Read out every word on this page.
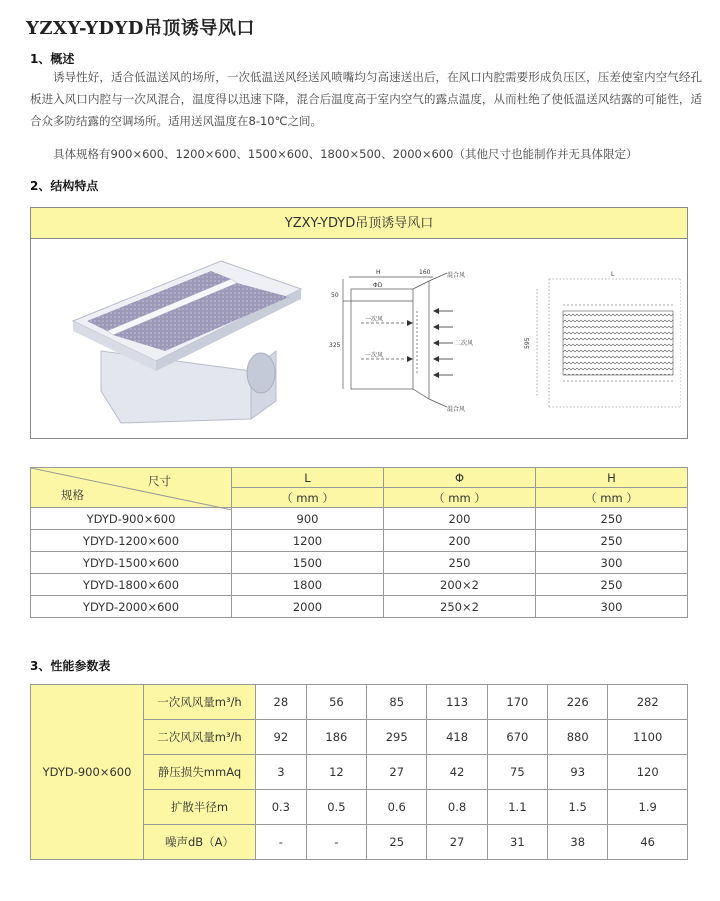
YZXY-YDYD吊顶诱导风口
1、概述
诱导性好，适合低温送风的场所，一次低温送风经送风喷嘴均匀高速送出后，在风口内腔需要形成负压区，压差使室内空气经孔板进入风口内腔与一次风混合，温度得以迅速下降，混合后温度高于室内空气的露点温度，从而杜绝了使低温送风结露的可能性，适合众多防结露的空调场所。适用送风温度在8-10℃之间。
具体规格有900×600、1200×600、1500×600、1800×500、2000×600（其他尺寸也能制作并无具体限定）
2、结构特点
YZXY-YDYD吊顶诱导风口
H	160
ΦD
50
325
一次风
一次风
二次风
混合风
混合风
L
595
尺寸
规格	L	Φ	H
	（ mm ）	（ mm ）	（ mm ）
YDYD-900×600	900	200	250
YDYD-1200×600	1200	200	250
YDYD-1500×600	1500	250	300
YDYD-1800×600	1800	200×2	250
YDYD-2000×600	2000	250×2	300
3、性能参数表
YDYD-900×600	一次风风量m³/h	28	56	85	113	170	226	282
	二次风风量m³/h	92	186	295	418	670	880	1100
	静压损失mmAq	3	12	27	42	75	93	120
	扩散半径m	0.3	0.5	0.6	0.8	1.1	1.5	1.9
	噪声dB（A）	-	-	25	27	31	38	46
